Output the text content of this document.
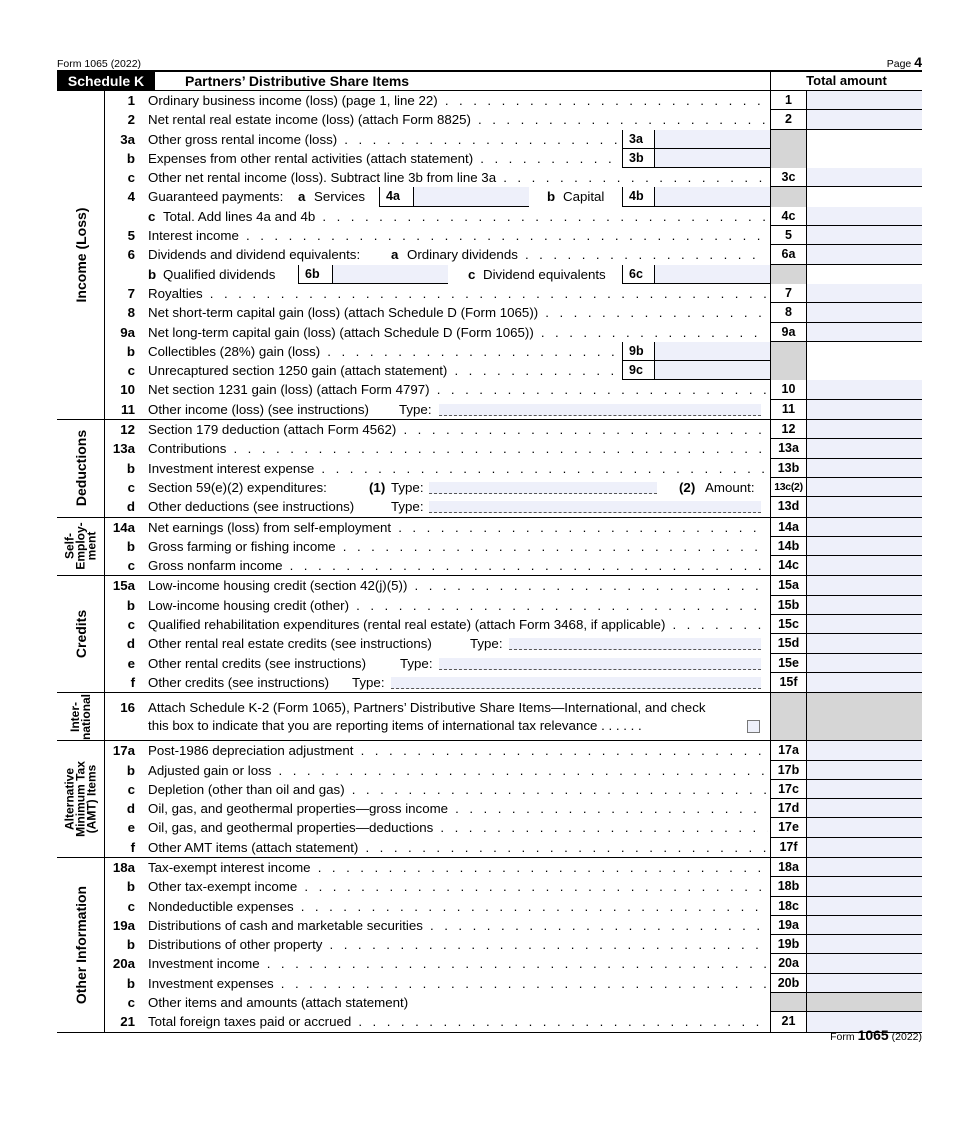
Form 1065 (2022)	Page 4
Schedule K	Partners’ Distributive Share Items	Total amount
Income (Loss)
1 Ordinary business income (loss) (page 1, line 22) . . .	1
2 Net rental real estate income (loss) (attach Form 8825) . . .	2
3a Other gross rental income (loss) . . .	3a
b Expenses from other rental activities (attach statement) . . .	3b
c Other net rental income (loss). Subtract line 3b from line 3a . . .	3c
4 Guaranteed payments: a Services	4a	b Capital	4b
c Total. Add lines 4a and 4b . . .	4c
5 Interest income . . .	5
6 Dividends and dividend equivalents: a Ordinary dividends . . .	6a
b Qualified dividends	6b	c Dividend equivalents	6c
7 Royalties . . .	7
8 Net short-term capital gain (loss) (attach Schedule D (Form 1065)) . . .	8
9a Net long-term capital gain (loss) (attach Schedule D (Form 1065)) . . .	9a
b Collectibles (28%) gain (loss) . . .	9b
c Unrecaptured section 1250 gain (attach statement) . . .	9c
10 Net section 1231 gain (loss) (attach Form 4797) . . .	10
11 Other income (loss) (see instructions) Type:	11
Deductions
12 Section 179 deduction (attach Form 4562) . . .	12
13a Contributions . . .	13a
b Investment interest expense . . .	13b
c Section 59(e)(2) expenditures:	(1) Type:	(2) Amount:	13c(2)
d Other deductions (see instructions)	Type:	13d
Self-
Employ-
ment
14a Net earnings (loss) from self-employment . . .	14a
b Gross farming or fishing income . . .	14b
c Gross nonfarm income . . .	14c
Credits
15a Low-income housing credit (section 42(j)(5)) . . .	15a
b Low-income housing credit (other) . . .	15b
c Qualified rehabilitation expenditures (rental real estate) (attach Form 3468, if applicable) . . .	15c
d Other rental real estate credits (see instructions)	Type:	15d
e Other rental credits (see instructions)	Type:	15e
f Other credits (see instructions) Type:	15f
Inter-
national	16 Attach Schedule K-2 (Form 1065), Partners’ Distributive Share Items—International, and check
this box to indicate that you are reporting items of international tax relevance . . . . . .
Alternative
Minimum Tax
(AMT) Items
17a Post-1986 depreciation adjustment . . .	17a
b Adjusted gain or loss . . .	17b
c Depletion (other than oil and gas) . . .	17c
d Oil, gas, and geothermal properties—gross income . . .	17d
e Oil, gas, and geothermal properties—deductions . . .	17e
f Other AMT items (attach statement) . . .	17f
Other Information
18a Tax-exempt interest income . . .	18a
b Other tax-exempt income . . .	18b
c Nondeductible expenses . . .	18c
19a Distributions of cash and marketable securities . . .	19a
b Distributions of other property . . .	19b
20a Investment income . . .	20a
b Investment expenses . . .	20b
c Other items and amounts (attach statement)
21 Total foreign taxes paid or accrued . . .	21
Form 1065 (2022)
